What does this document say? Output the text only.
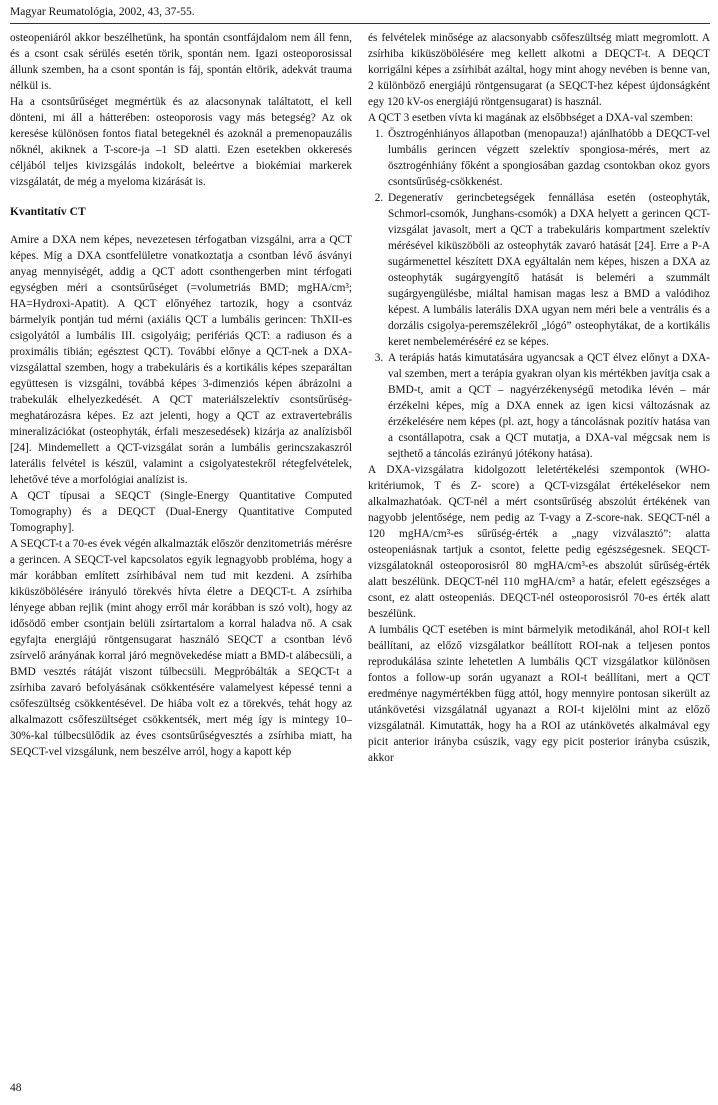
Magyar Reumatológia, 2002, 43, 37-55.

osteopeniáról akkor beszélhetünk, ha spontán csontfájdalom nem áll fenn, és a csont csak sérülés esetén törik, spontán nem. Igazi osteoporosissal állunk szemben, ha a csont spontán is fáj, spontán eltörik, adekvát trauma nélkül is.

Ha a csontsűrűséget megmértük és az alacsonynak találtatott, el kell dönteni, mi áll a hátterében: osteoporosis vagy más betegség? Az ok keresése különösen fontos fiatal betegeknél és azoknál a premenopauzális nőknél, akiknek a T-score-ja –1 SD alatti. Ezen esetekben okkeresés céljából teljes kivizsgálás indokolt, beleértve a biokémiai markerek vizsgálatát, de még a myeloma kizárását is.

Kvantitatív CT

Amire a DXA nem képes, nevezetesen térfogatban vizsgálni, arra a QCT képes. Míg a DXA csontfelületre vonatkoztatja a csontban lévő ásványi anyag mennyiségét, addig a QCT adott csonthengerben mint térfogati egységben méri a csontsűrűséget (=volumetriás BMD; mgHA/cm³; HA=Hydroxi-Apatit). A QCT előnyéhez tartozik, hogy a csontváz bármelyik pontján tud mérni (axiális QCT a lumbális gerincen: ThXII-es csigolyától a lumbális III. csigolyáig; perifériás QCT: a radiuson és a proximális tibián; egésztest QCT). További előnye a QCT-nek a DXA-vizsgálattal szemben, hogy a trabekuláris és a kortikális képes szeparáltan együttesen is vizsgálni, továbbá képes 3-dimenziós képen ábrázolni a trabekulák elhelyezkedését. A QCT materiálszelektív csontsűrűség-meghatározásra képes. Ez azt jelenti, hogy a QCT az extravertebrális mineralizációkat (osteophyták, érfali meszesedések) kizárja az analízisből [24]. Mindemellett a QCT-vizsgálat során a lumbális gerincszakaszról laterális felvétel is készül, valamint a csigolyatestekről rétegfelvételek, lehetővé téve a morfológiai analízist is.

A QCT típusai a SEQCT (Single-Energy Quantitative Computed Tomography) és a DEQCT (Dual-Energy Quantitative Computed Tomography].

A SEQCT-t a 70-es évek végén alkalmazták először denzitometriás mérésre a gerincen. A SEQCT-vel kapcsolatos egyik legnagyobb probléma, hogy a már korábban említett zsírhibával nem tud mit kezdeni. A zsírhiba kiküszöbölésére irányuló törekvés hívta életre a DEQCT-t. A zsírhiba lényege abban rejlik (mint ahogy erről már korábban is szó volt), hogy az idősödő ember csontjain belüli zsírtartalom a korral haladva nő. A csak egyfajta energiájú röntgensugarat használó SEQCT a csontban lévő zsírvelő arányának korral járó megnövekedése miatt a BMD-t alábecsüli, a BMD vesztés rátáját viszont túlbecsüli. Megpróbálták a SEQCT-t a zsírhiba zavaró befolyásának csökkentésére valamelyest képessé tenni a csőfeszültség csökkentésével. De hiába volt ez a törekvés, tehát hogy az alkalmazott csőfeszültséget csökkentsék, mert még így is mintegy 10–30%-kal túlbecsülődik az éves csontsűrűségvesztés a zsírhiba miatt, ha SEQCT-vel vizsgálunk, nem beszélve arról, hogy a kapott kép

és felvételek minősége az alacsonyabb csőfeszültség miatt megromlott. A zsírhiba kiküszöbölésére meg kellett alkotni a DEQCT-t. A DEQCT korrigálni képes a zsírhibát azáltal, hogy mint ahogy nevében is benne van, 2 különböző energiájú röntgensugarat (a SEQCT-hez képest újdonságként egy 120 kV-os energiájú röntgensugarat) is használ.

A QCT 3 esetben vívta ki magának az elsőbbséget a DXA-val szemben:

1. Ösztrogénhiányos állapotban (menopauza!) ajánlhatóbb a DEQCT-vel lumbális gerincen végzett szelektív spongiosa-mérés, mert az ösztrogénhiány főként a spongiosában gazdag csontokban okoz gyors csontsűrűség-csökkenést.
2. Degeneratív gerincbetegségek fennállása esetén (osteophyták, Schmorl-csomók, Junghans-csomók) a DXA helyett a gerincen QCT-vizsgálat javasolt, mert a QCT a trabekuláris kompartment szelektív mérésével kiküszöböli az osteophyták zavaró hatását [24]. Erre a P-A sugármenettel készített DXA egyáltalán nem képes, hiszen a DXA az osteophyták sugárgyengítő hatását is beleméri a szummált sugárgyengülésbe, miáltal hamisan magas lesz a BMD a valódihoz képest. A lumbális laterális DXA ugyan nem méri bele a ventrális és a dorzális csigolya-peremszélekről „lógó” osteophytákat, de a kortikális keret nembeleméréséré ez se képes.
3. A terápiás hatás kimutatására ugyancsak a QCT élvez előnyt a DXA-val szemben, mert a terápia gyakran olyan kis mértékben javítja csak a BMD-t, amit a QCT – nagyérzékenységű metodika lévén – már érzékelni képes, míg a DXA ennek az igen kicsi változásnak az érzékelésére nem képes (pl. azt, hogy a táncolásnak pozitív hatása van a csontállapotra, csak a QCT mutatja, a DXA-val mégcsak nem is sejthető a táncolás ezirányú jótékony hatása).

A DXA-vizsgálatra kidolgozott leletértékelési szempontok (WHO-kritériumok, T és Z- score) a QCT-vizsgálat értékelésekor nem alkalmazhatóak. QCT-nél a mért csontsűrűség abszolút értékének van nagyobb jelentősége, nem pedig az T-vagy a Z-score-nak. SEQCT-nél a 120 mgHA/cm³-es sűrűség-érték a „nagy vizválasztó”: alatta osteopeniásnak tartjuk a csontot, felette pedig egészségesnek. SEQCT-vizsgálatoknál osteoporosisról 80 mgHA/cm³-es abszolút sűrűség-érték alatt beszélünk. DEQCT-nél 110 mgHA/cm³ a határ, efelett egészséges a csont, ez alatt osteopeniás. DEQCT-nél osteoporosisról 70-es érték alatt beszélünk.

A lumbális QCT esetében is mint bármelyik metodikánál, ahol ROI-t kell beállítani, az előző vizsgálatkor beállított ROI-nak a teljesen pontos reprodukálása szinte lehetetlen A lumbális QCT vizsgálatkor különösen fontos a follow-up során ugyanazt a ROI-t beállítani, mert a QCT eredménye nagymértékben függ attól, hogy mennyire pontosan sikerült az utánkövetési vizsgálatnál ugyanazt a ROI-t kijelölni mint az előző vizsgálatnál. Kimutatták, hogy ha a ROI az utánkövetés alkalmával egy picit anterior irányba csúszik, vagy egy picit posterior irányba csúszik, akkor

48
